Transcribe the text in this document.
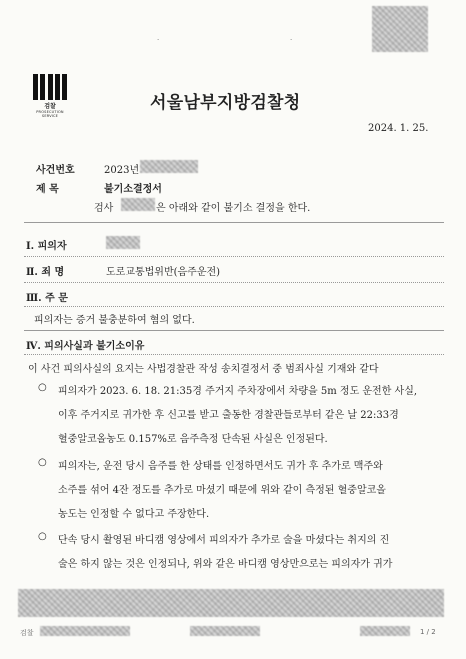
·	·
검찰
PROSECUTION SERVICE
서울남부지방검찰청
2024. 1. 25.
사건번호	2023년
제 목	불기소결정서
검사	은 아래와 같이 불기소 결정을 한다.
Ⅰ. 피의자
Ⅱ. 죄 명	도로교통법위반(음주운전)
Ⅲ. 주 문
피의자는 증거 불충분하여 혐의 없다.
Ⅳ. 피의사실과 불기소이유
이 사건 피의사실의 요지는 사법경찰관 작성 송치결정서 중 범죄사실 기재와 같다
○ 피의자가 2023. 6. 18. 21:35경 주거지 주차장에서 차량을 5m 정도 운전한 사실,
이후 주거지로 귀가한 후 신고를 받고 출동한 경찰관들로부터 같은 날 22:33경
혈중알코올농도 0.157%로 음주측정 단속된 사실은 인정된다.
○ 피의자는, 운전 당시 음주를 한 상태를 인정하면서도 귀가 후 추가로 맥주와
소주를 섞어 4잔 정도를 추가로 마셨기 때문에 위와 같이 측정된 혈중알코올
농도는 인정할 수 없다고 주장한다.
○ 단속 당시 촬영된 바디캠 영상에서 피의자가 추가로 술을 마셨다는 취지의 진
술은 하지 않는 것은 인정되나, 위와 같은 바디캠 영상만으로는 피의자가 귀가
검찰	1 / 2
